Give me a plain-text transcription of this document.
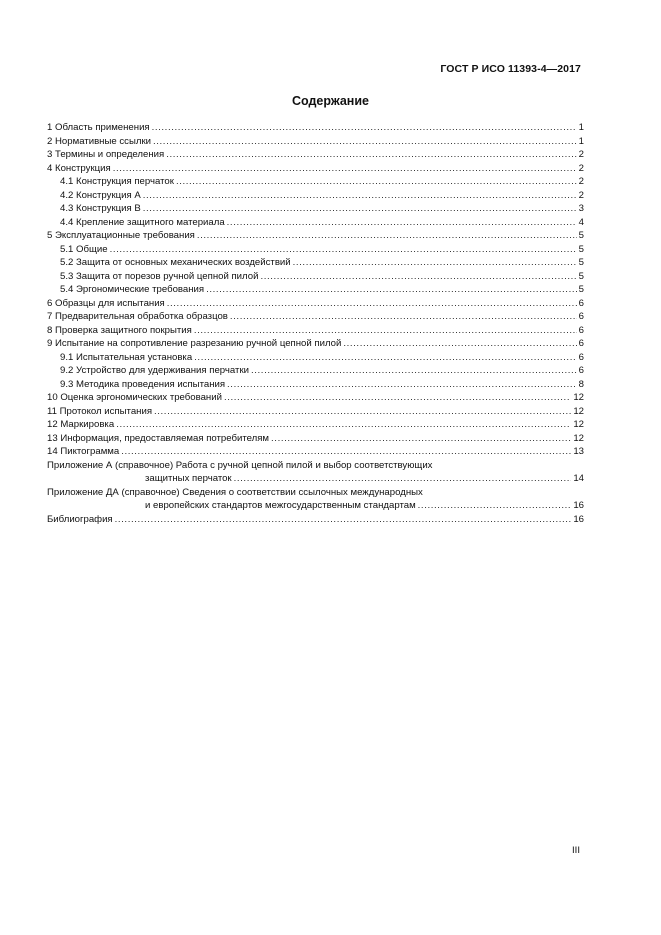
ГОСТ Р ИСО 11393-4—2017
Содержание
1 Область применения .....	1
2 Нормативные ссылки .....	1
3 Термины и определения .....	2
4 Конструкция .....	2
4.1 Конструкция перчаток .....	2
4.2 Конструкция А .....	2
4.3 Конструкция В .....	3
4.4 Крепление защитного материала .....	4
5 Эксплуатационные требования .....	5
5.1 Общие .....	5
5.2 Защита от основных механических воздействий .....	5
5.3 Защита от порезов ручной цепной пилой .....	5
5.4 Эргономические требования .....	5
6 Образцы для испытания .....	6
7 Предварительная обработка образцов .....	6
8 Проверка защитного покрытия .....	6
9 Испытание на сопротивление разрезанию ручной цепной пилой .....	6
9.1 Испытательная установка .....	6
9.2 Устройство для удерживания перчатки .....	6
9.3 Методика проведения испытания .....	8
10 Оценка эргономических требований .....	12
11 Протокол испытания .....	12
12 Маркировка .....	12
13 Информация, предоставляемая потребителям .....	12
14 Пиктограмма .....	13
Приложение А (справочное) Работа с ручной цепной пилой и выбор соответствующих
защитных перчаток .....	14
Приложение ДА (справочное) Сведения о соответствии ссылочных международных
и европейских стандартов межгосударственным стандартам .....	16
Библиография .....	16
III
